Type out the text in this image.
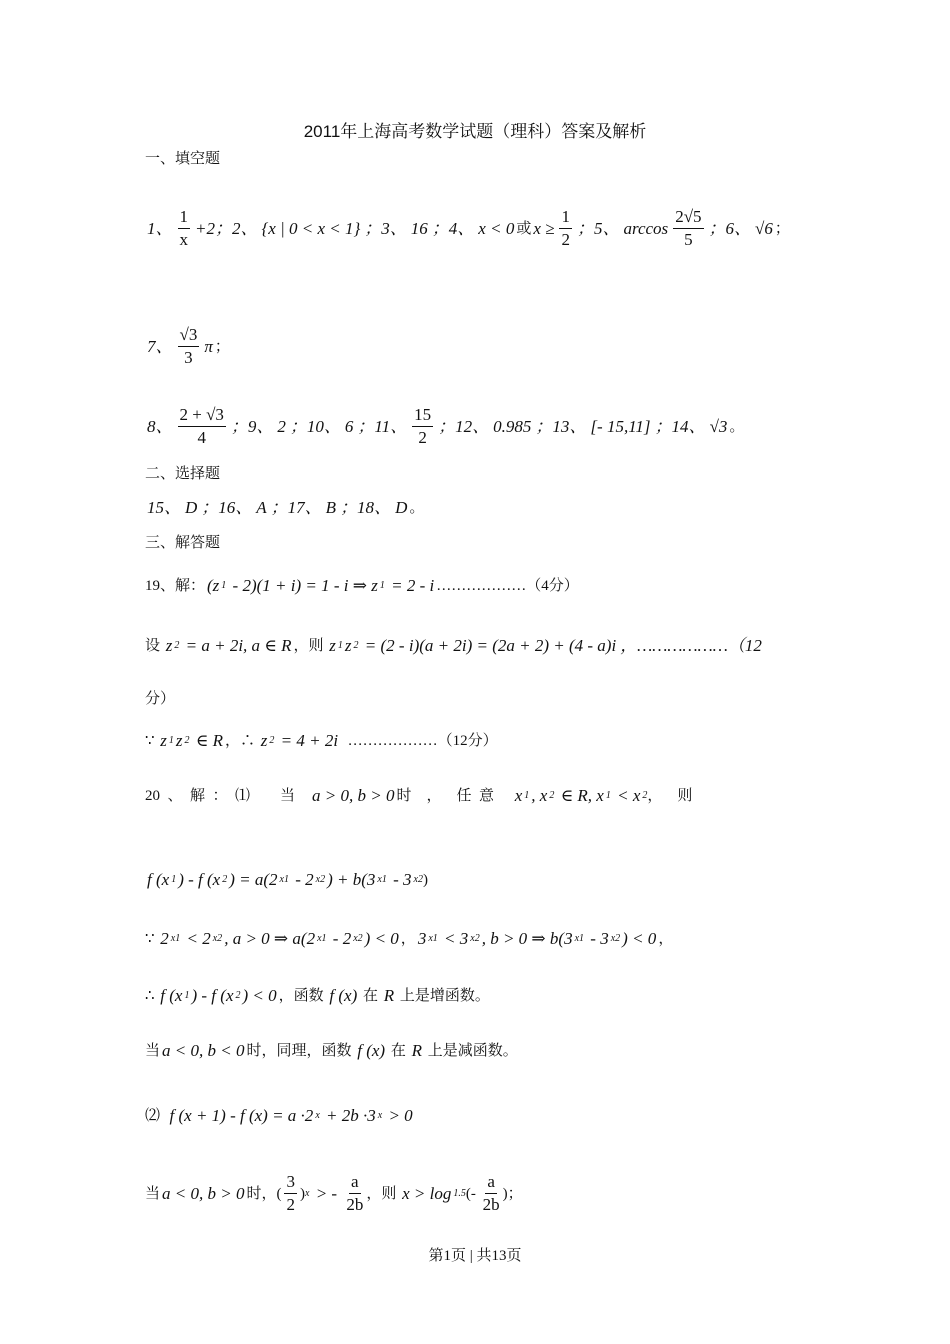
2011年上海高考数学试题（理科）答案及解析
一、填空题
1、 $\frac{1}{x} +2$；2、 {x | 0 < x < 1} ；3、 16 ；4、 x < 0 或 $x \ge \frac{1}{2}$ ；5、 $\arccos \frac{2√5}{5}$ ；6、 √6 ；
7、 $\frac{√3}{3}$ π ；
8、 $\frac{2 + √3}{4}$ ；9、 2 ；10、 6 ；11、 $\frac{15}{2}$ ；12、 0.985 ；13、 [- 15,11] ；14、 √3 。
二、选择题
15、 D ；16、 A ；17、 B ；18、 D 。
三、解答题
19、解： (z 1 - 2)(1 + i) = 1 - i ⇒ z 1 = 2 - i ………………（4分）
设 z 2 = a + 2i, a ∈ R ，则 z 1 z 2 = (2 - i)(a + 2i) = (2a + 2) + (4 - a)i ，………………（12
分）
∵ z 1 z 2 ∈ R ，∴ z 2 = 4 + 2i ………………（12分）
20  、  解  ：  ⑴        当 a > 0, b > 0 时    ，    任  意 x 1 , x 2 ∈ R, x 1 < x 2 ，    则
f (x 1 ) - f (x 2 ) = a(2 x1 - 2 x2 ) + b(3 x1 - 3 x2 )
∵ 2 x1 < 2 x2 , a > 0 ⇒ a(2 x1 - 2 x2 ) < 0 ， 3 x1 < 3 x2 , b > 0 ⇒ b(3 x1 - 3 x2 ) < 0 ，
∴ f (x 1 ) - f (x 2 ) < 0 ，函数 f (x) 在 R 上是增函数。
当 a < 0, b < 0 时，同理，函数 f (x) 在 R 上是减函数。
⑵ f (x + 1) - f (x) = a ·2 x + 2b ·3 x > 0
当 a < 0, b > 0 时， ( $\frac{3}{2}$ ) x > - $\frac{a}{2b}$ ，则 x > log 1.5 (- $\frac{a}{2b}$ ) ；
第1页 | 共13页
